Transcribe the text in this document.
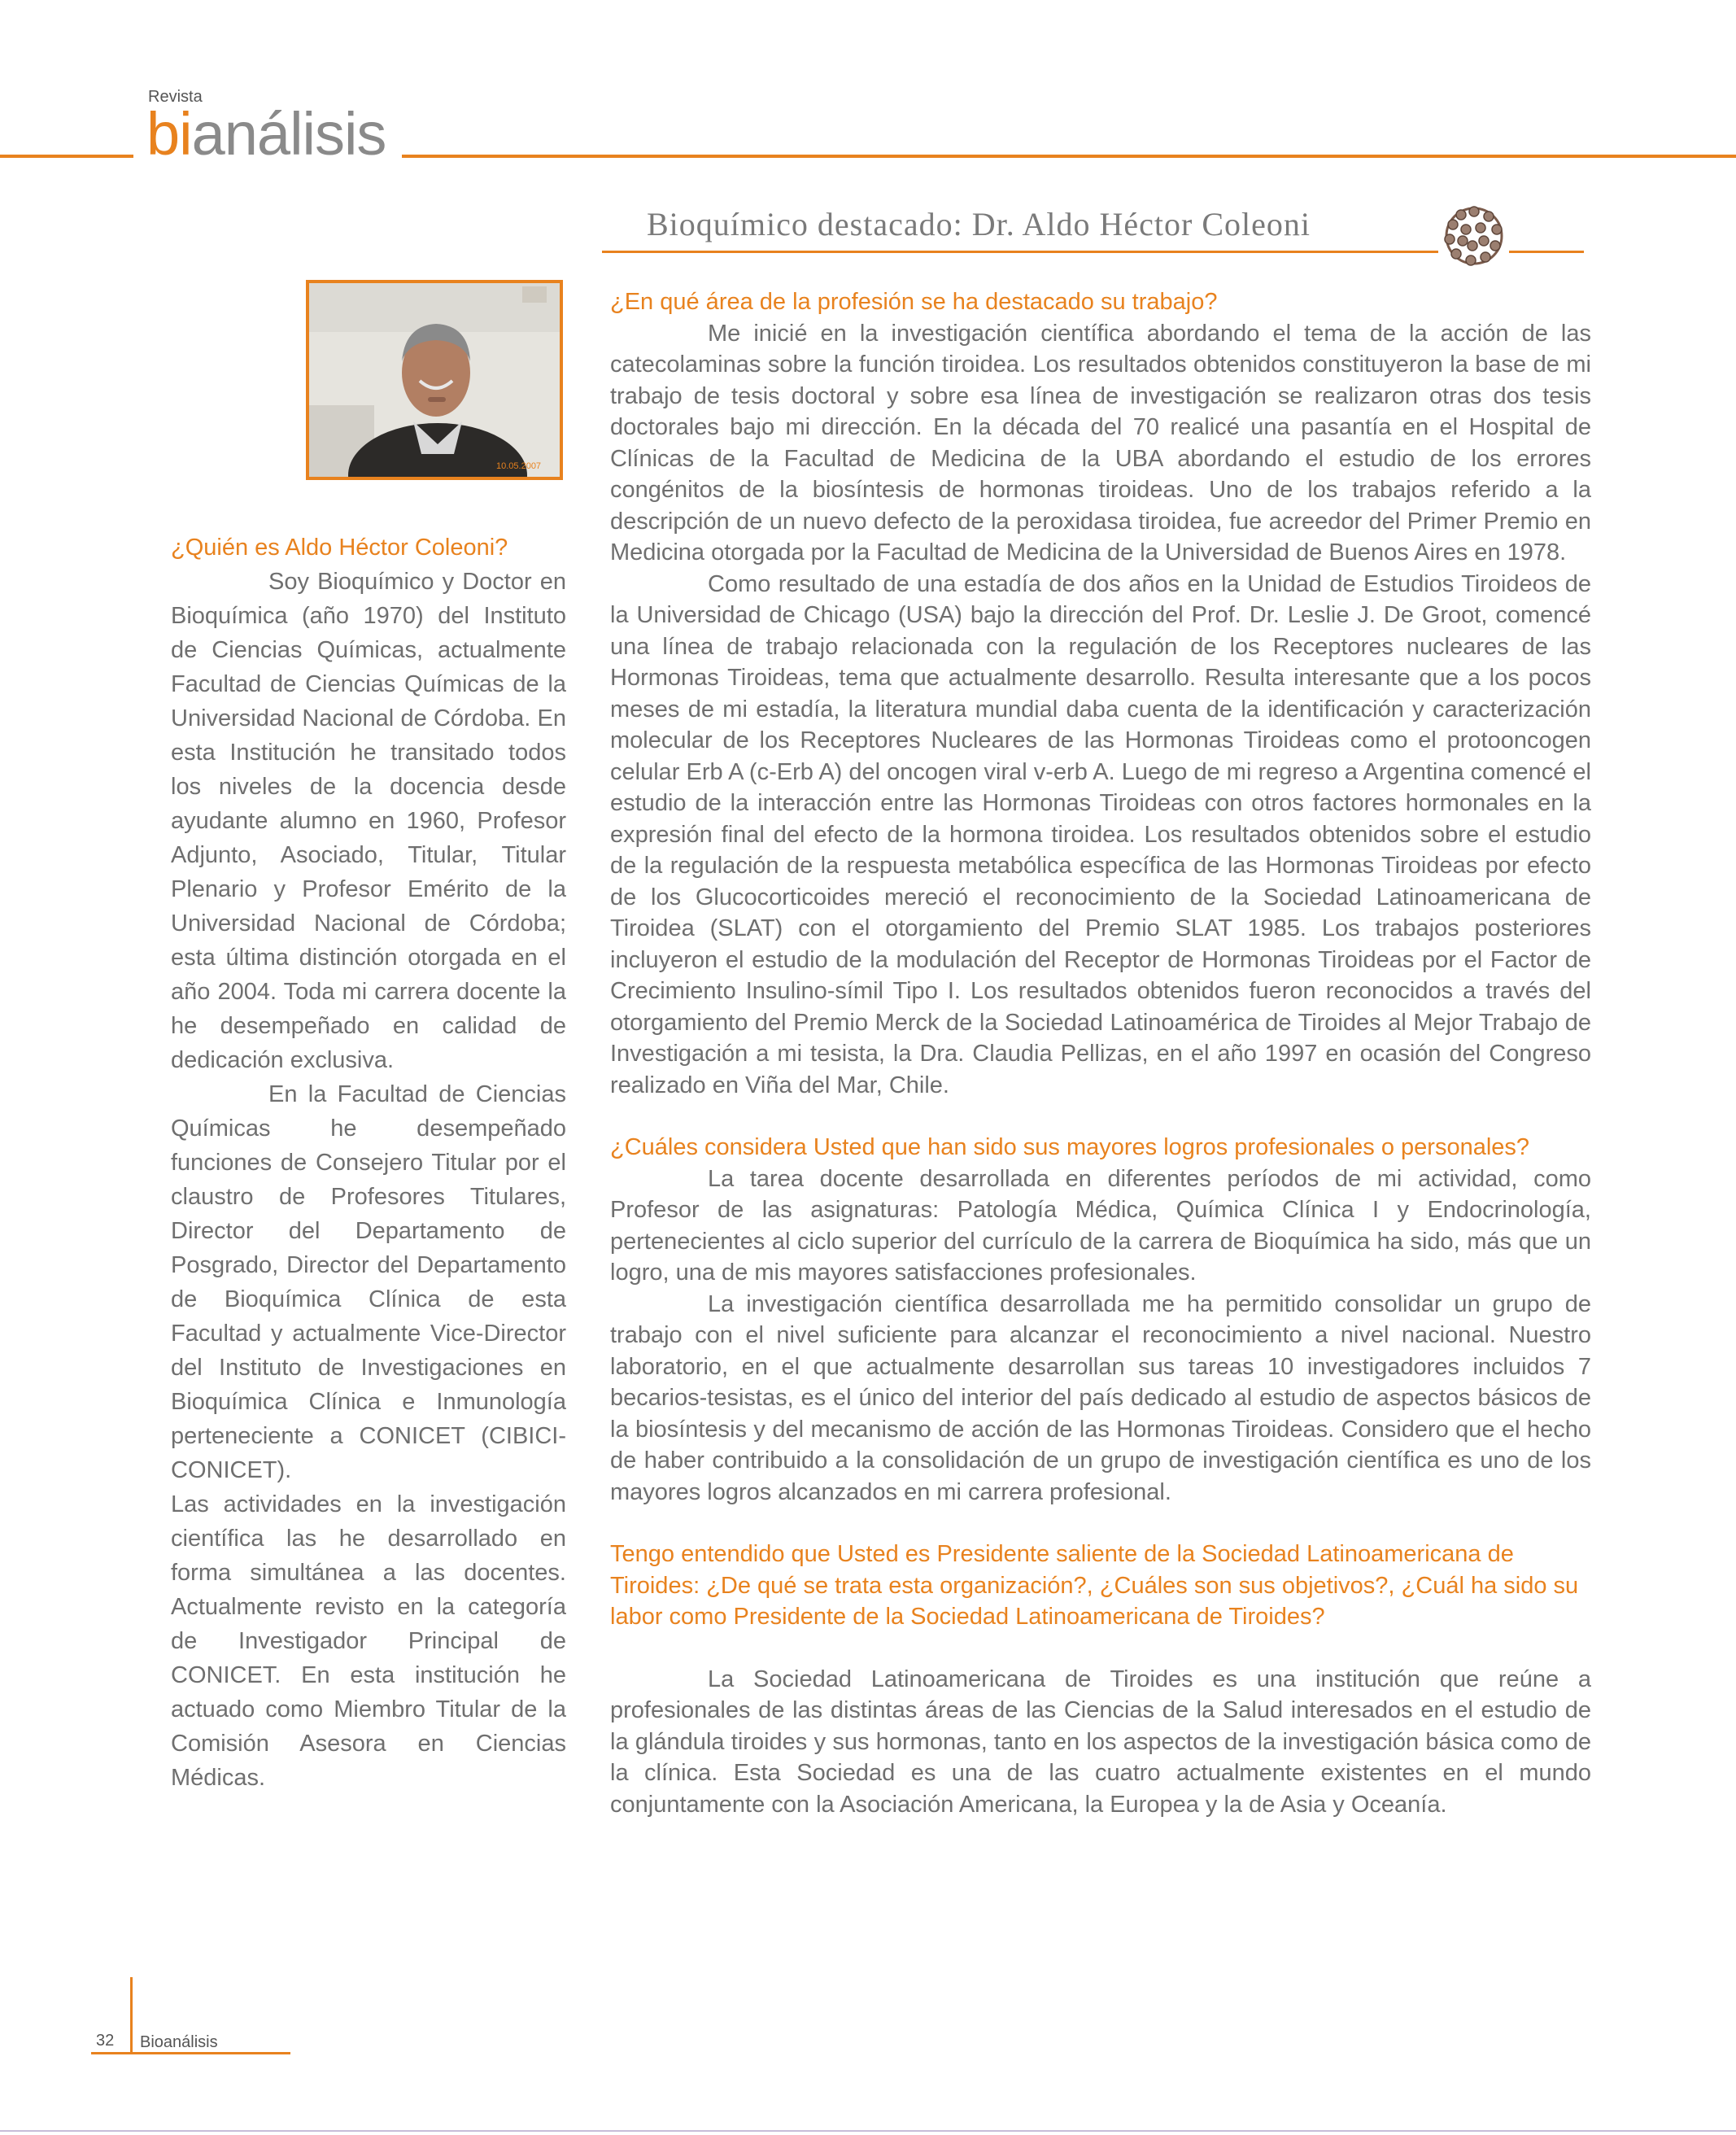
Revista
bianálisis
Bioquímico destacado: Dr. Aldo Héctor Coleoni
10.05.2007

¿Quién es Aldo Héctor Coleoni?

Soy Bioquímico y Doctor en Bioquímica (año 1970) del Instituto de Ciencias Químicas, actualmente Facultad de Ciencias Químicas de la Universidad Nacional de Córdoba. En esta Institución he transitado todos los niveles de la docencia desde ayudante alumno en 1960, Profesor Adjunto, Asociado, Titular, Titular Plenario y Profesor Emérito de la Universidad Nacional de Córdoba; esta última distinción otorgada en el año 2004. Toda mi carrera docente la he desempeñado en calidad de dedicación exclusiva.

En la Facultad de Ciencias Químicas he desempeñado funciones de Consejero Titular por el claustro de Profesores Titulares, Director del Departamento de Posgrado, Director del Departamento de Bioquímica Clínica de esta Facultad y actualmente Vice-Director del Instituto de Investigaciones en Bioquímica Clínica e Inmunología perteneciente a CONICET (CIBICI-CONICET).

Las actividades en la investigación científica las he desarrollado en forma simultánea a las docentes. Actualmente revisto en la categoría de Investigador Principal de CONICET. En esta institución he actuado como Miembro Titular de la Comisión Asesora en Ciencias Médicas.

¿En qué área de la profesión se ha destacado su trabajo?

Me inicié en la investigación científica abordando el tema de la acción de las catecolaminas sobre la función tiroidea. Los resultados obtenidos constituyeron la base de mi trabajo de tesis doctoral y sobre esa línea de investigación se realizaron otras dos tesis doctorales bajo mi dirección. En la década del 70 realicé una pasantía en el Hospital de Clínicas de la Facultad de Medicina de la UBA abordando el estudio de los errores congénitos de la biosíntesis de hormonas tiroideas. Uno de los trabajos referido a la descripción de un nuevo defecto de la peroxidasa tiroidea, fue acreedor del Primer Premio en Medicina otorgada por la Facultad de Medicina de la Universidad de Buenos Aires en 1978.

Como resultado de una estadía de dos años en la Unidad de Estudios Tiroideos de la Universidad de Chicago (USA) bajo la dirección del Prof. Dr. Leslie J. De Groot, comencé una línea de trabajo relacionada con la regulación de los Receptores nucleares de las Hormonas Tiroideas, tema que actualmente desarrollo. Resulta interesante que a los pocos meses de mi estadía, la literatura mundial daba cuenta de la identificación y caracterización molecular de los Receptores Nucleares de las Hormonas Tiroideas como el protooncogen celular Erb A (c-Erb A) del oncogen viral v-erb A. Luego de mi regreso a Argentina comencé el estudio de la interacción entre las Hormonas Tiroideas con otros factores hormonales en la expresión final del efecto de la hormona tiroidea. Los resultados obtenidos sobre el estudio de la regulación de la respuesta metabólica específica de las Hormonas Tiroideas por efecto de los Glucocorticoides mereció el reconocimiento de la Sociedad Latinoamericana de Tiroidea (SLAT) con el otorgamiento del Premio SLAT 1985. Los trabajos posteriores incluyeron el estudio de la modulación del Receptor de Hormonas Tiroideas por el Factor de Crecimiento Insulino-símil Tipo I. Los resultados obtenidos fueron reconocidos a través del otorgamiento del Premio Merck de la Sociedad Latinoamérica de Tiroides al Mejor Trabajo de Investigación a mi tesista, la Dra. Claudia Pellizas, en el año 1997 en ocasión del Congreso realizado en Viña del Mar, Chile.

¿Cuáles considera Usted que han sido sus mayores logros profesionales o personales?

La tarea docente desarrollada en diferentes períodos de mi actividad, como Profesor de las asignaturas: Patología Médica, Química Clínica I y Endocrinología, pertenecientes al ciclo superior del currículo de la carrera de Bioquímica ha sido, más que un logro, una de mis mayores satisfacciones profesionales.

La investigación científica desarrollada me ha permitido consolidar un grupo de trabajo con el nivel suficiente para alcanzar el reconocimiento a nivel nacional. Nuestro laboratorio, en el que actualmente desarrollan sus tareas 10 investigadores incluidos 7 becarios-tesistas, es el único del interior del país dedicado al estudio de aspectos básicos de la biosíntesis y del mecanismo de acción de las Hormonas Tiroideas. Considero que el hecho de haber contribuido a la consolidación de un grupo de investigación científica es uno de los mayores logros alcanzados en mi carrera profesional.

Tengo entendido que Usted es Presidente saliente de la Sociedad Latinoamericana de Tiroides: ¿De qué se trata esta organización?, ¿Cuáles son sus objetivos?, ¿Cuál ha sido su labor como Presidente de la Sociedad Latinoamericana de Tiroides?

La Sociedad Latinoamericana de Tiroides es una institución que reúne a profesionales de las distintas áreas de las Ciencias de la Salud interesados en el estudio de la glándula tiroides y sus hormonas, tanto en los aspectos de la investigación básica como de la clínica. Esta Sociedad es una de las cuatro actualmente existentes en el mundo conjuntamente con la Asociación Americana, la Europea y la de Asia y Oceanía.

32 Bioanálisis
